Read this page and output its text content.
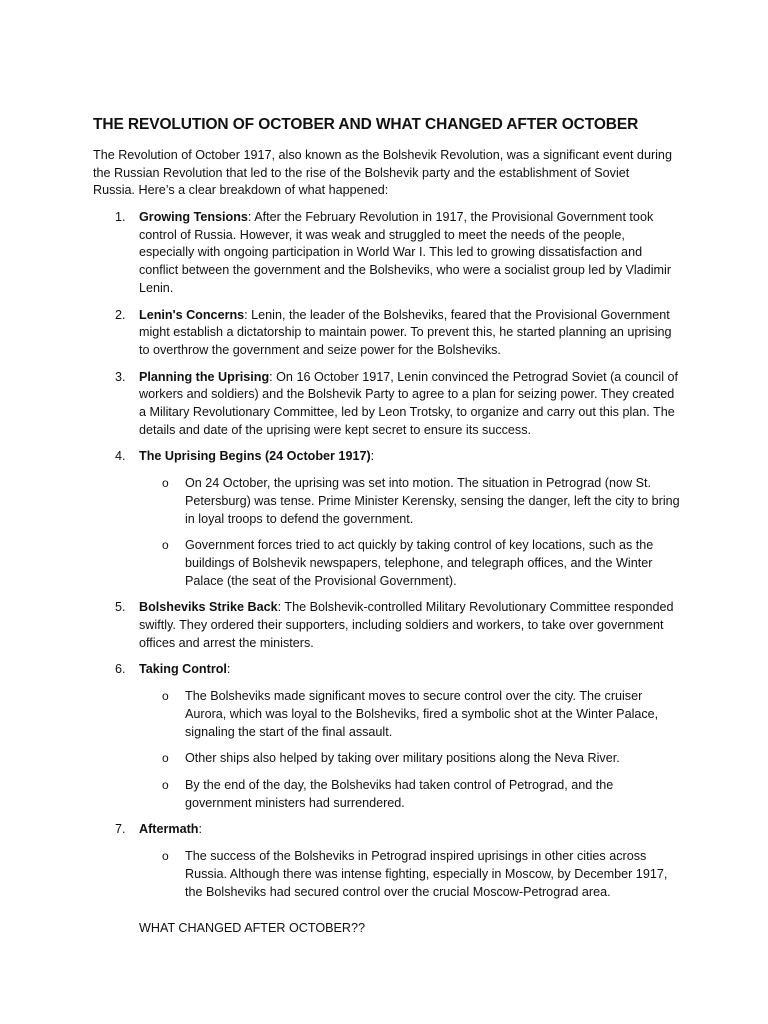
THE REVOLUTION OF OCTOBER AND WHAT CHANGED AFTER OCTOBER

The Revolution of October 1917, also known as the Bolshevik Revolution, was a significant event during the Russian Revolution that led to the rise of the Bolshevik party and the establishment of Soviet Russia. Here’s a clear breakdown of what happened:

1.	Growing Tensions: After the February Revolution in 1917, the Provisional Government took control of Russia. However, it was weak and struggled to meet the needs of the people, especially with ongoing participation in World War I. This led to growing dissatisfaction and conflict between the government and the Bolsheviks, who were a socialist group led by Vladimir Lenin.
2.	Lenin's Concerns: Lenin, the leader of the Bolsheviks, feared that the Provisional Government might establish a dictatorship to maintain power. To prevent this, he started planning an uprising to overthrow the government and seize power for the Bolsheviks.
3.	Planning the Uprising: On 16 October 1917, Lenin convinced the Petrograd Soviet (a council of workers and soldiers) and the Bolshevik Party to agree to a plan for seizing power. They created a Military Revolutionary Committee, led by Leon Trotsky, to organize and carry out this plan. The details and date of the uprising were kept secret to ensure its success.
4.	The Uprising Begins (24 October 1917):
o On 24 October, the uprising was set into motion. The situation in Petrograd (now St. Petersburg) was tense. Prime Minister Kerensky, sensing the danger, left the city to bring in loyal troops to defend the government.
o Government forces tried to act quickly by taking control of key locations, such as the buildings of Bolshevik newspapers, telephone, and telegraph offices, and the Winter Palace (the seat of the Provisional Government).
5.	Bolsheviks Strike Back: The Bolshevik-controlled Military Revolutionary Committee responded swiftly. They ordered their supporters, including soldiers and workers, to take over government offices and arrest the ministers.
6.	Taking Control:
o The Bolsheviks made significant moves to secure control over the city. The cruiser Aurora, which was loyal to the Bolsheviks, fired a symbolic shot at the Winter Palace, signaling the start of the final assault.
o Other ships also helped by taking over military positions along the Neva River.
o By the end of the day, the Bolsheviks had taken control of Petrograd, and the government ministers had surrendered.
7.	Aftermath:
o The success of the Bolsheviks in Petrograd inspired uprisings in other cities across Russia. Although there was intense fighting, especially in Moscow, by December 1917, the Bolsheviks had secured control over the crucial Moscow-Petrograd area.

WHAT CHANGED AFTER OCTOBER??
